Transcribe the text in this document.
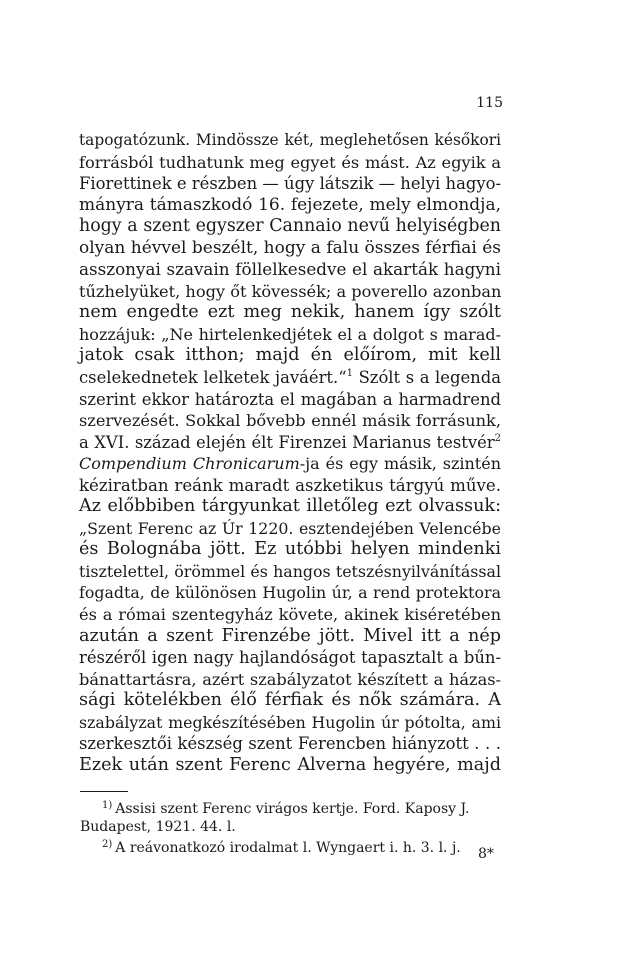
115
tapogatózunk. Mindössze két, meglehetősen későkori
forrásból tudhatunk meg egyet és mást. Az egyik a
Fiorettinek e részben — úgy látszik — helyi hagyo-
mányra támaszkodó 16. fejezete, mely elmondja,
hogy a szent egyszer Cannaio nevű helyiségben
olyan hévvel beszélt, hogy a falu összes férfiai és
asszonyai szavain föllelkesedve el akarták hagyni
tűzhelyüket, hogy őt kövessék; a poverello azonban
nem engedte ezt meg nekik, hanem így szólt
hozzájuk: „Ne hirtelenkedjétek el a dolgot s marad-
jatok csak itthon; majd én előírom, mit kell
cselekednetek lelketek javáért.“$^1$ Szólt s a legenda
szerint ekkor határozta el magában a harmadrend
szervezését. Sokkal bővebb ennél másik forrásunk,
a XVI. század elején élt Firenzei Marianus testvér$^2$
Compendium Chronicarum-ja és egy másik, szintén
kéziratban reánk maradt aszketikus tárgyú műve.
Az előbbiben tárgyunkat illetőleg ezt olvassuk:
„Szent Ferenc az Úr 1220. esztendejében Velencébe
és Bolognába jött. Ez utóbbi helyen mindenki
tisztelettel, örömmel és hangos tetszésnyilvánítással
fogadta, de különösen Hugolin úr, a rend protektora
és a római szentegyház követe, akinek kiséretében
azután a szent Firenzébe jött. Mivel itt a nép
részéről igen nagy hajlandóságot tapasztalt a bűn-
bánattartásra, azért szabályzatot készített a házas-
sági kötelékben élő férfiak és nők számára. A
szabályzat megkészítésében Hugolin úr pótolta, ami
szerkesztői készség szent Ferencben hiányzott . . .
Ezek után szent Ferenc Alverna hegyére, majd

$^{1)}$ Assisi szent Ferenc virágos kertje. Ford. Kaposy J. Budapest, 1921. 44. l.

$^{2)}$ A reávonatkozó irodalmat l. Wyngaert i. h. 3. l. j.	8*
